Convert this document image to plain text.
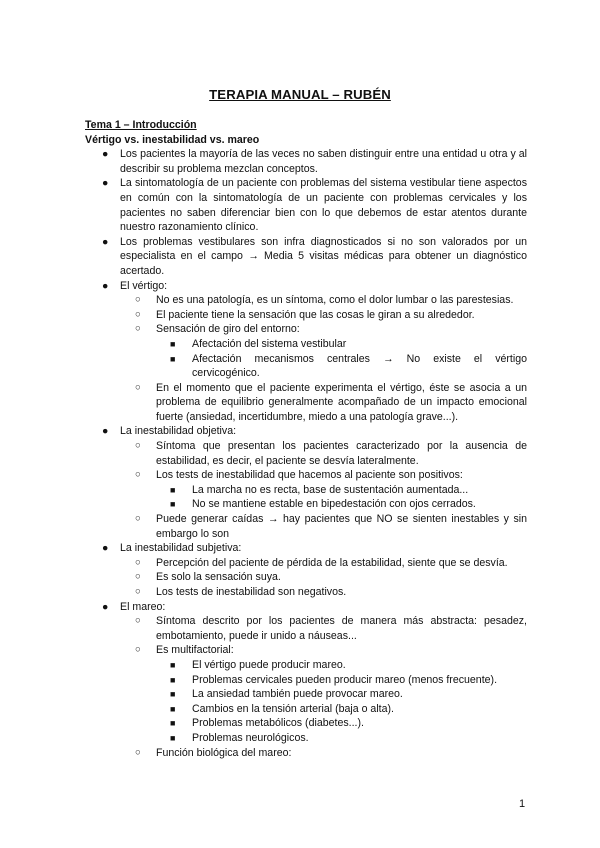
TERAPIA MANUAL – RUBÉN
Tema 1 – Introducción
Vértigo vs. inestabilidad vs. mareo
● Los pacientes la mayoría de las veces no saben distinguir entre una entidad u otra y al describir su problema mezclan conceptos.
● La sintomatología de un paciente con problemas del sistema vestibular tiene aspectos en común con la sintomatología de un paciente con problemas cervicales y los pacientes no saben diferenciar bien con lo que debemos de estar atentos durante nuestro razonamiento clínico.
● Los problemas vestibulares son infra diagnosticados si no son valorados por un especialista en el campo → Media 5 visitas médicas para obtener un diagnóstico acertado.
● El vértigo:
○ No es una patología, es un síntoma, como el dolor lumbar o las parestesias.
○ El paciente tiene la sensación que las cosas le giran a su alrededor.
○ Sensación de giro del entorno:
■ Afectación del sistema vestibular
■ Afectación mecanismos centrales → No existe el vértigo cervicogénico.
○ En el momento que el paciente experimenta el vértigo, éste se asocia a un problema de equilibrio generalmente acompañado de un impacto emocional fuerte (ansiedad, incertidumbre, miedo a una patología grave...).
● La inestabilidad objetiva:
○ Síntoma que presentan los pacientes caracterizado por la ausencia de estabilidad, es decir, el paciente se desvía lateralmente.
○ Los tests de inestabilidad que hacemos al paciente son positivos:
■ La marcha no es recta, base de sustentación aumentada...
■ No se mantiene estable en bipedestación con ojos cerrados.
○ Puede generar caídas → hay pacientes que NO se sienten inestables y sin embargo lo son
● La inestabilidad subjetiva:
○ Percepción del paciente de pérdida de la estabilidad, siente que se desvía.
○ Es solo la sensación suya.
○ Los tests de inestabilidad son negativos.
● El mareo:
○ Síntoma descrito por los pacientes de manera más abstracta: pesadez, embotamiento, puede ir unido a náuseas...
○ Es multifactorial:
■ El vértigo puede producir mareo.
■ Problemas cervicales pueden producir mareo (menos frecuente).
■ La ansiedad también puede provocar mareo.
■ Cambios en la tensión arterial (baja o alta).
■ Problemas metabólicos (diabetes...).
■ Problemas neurológicos.
○ Función biológica del mareo:
1
